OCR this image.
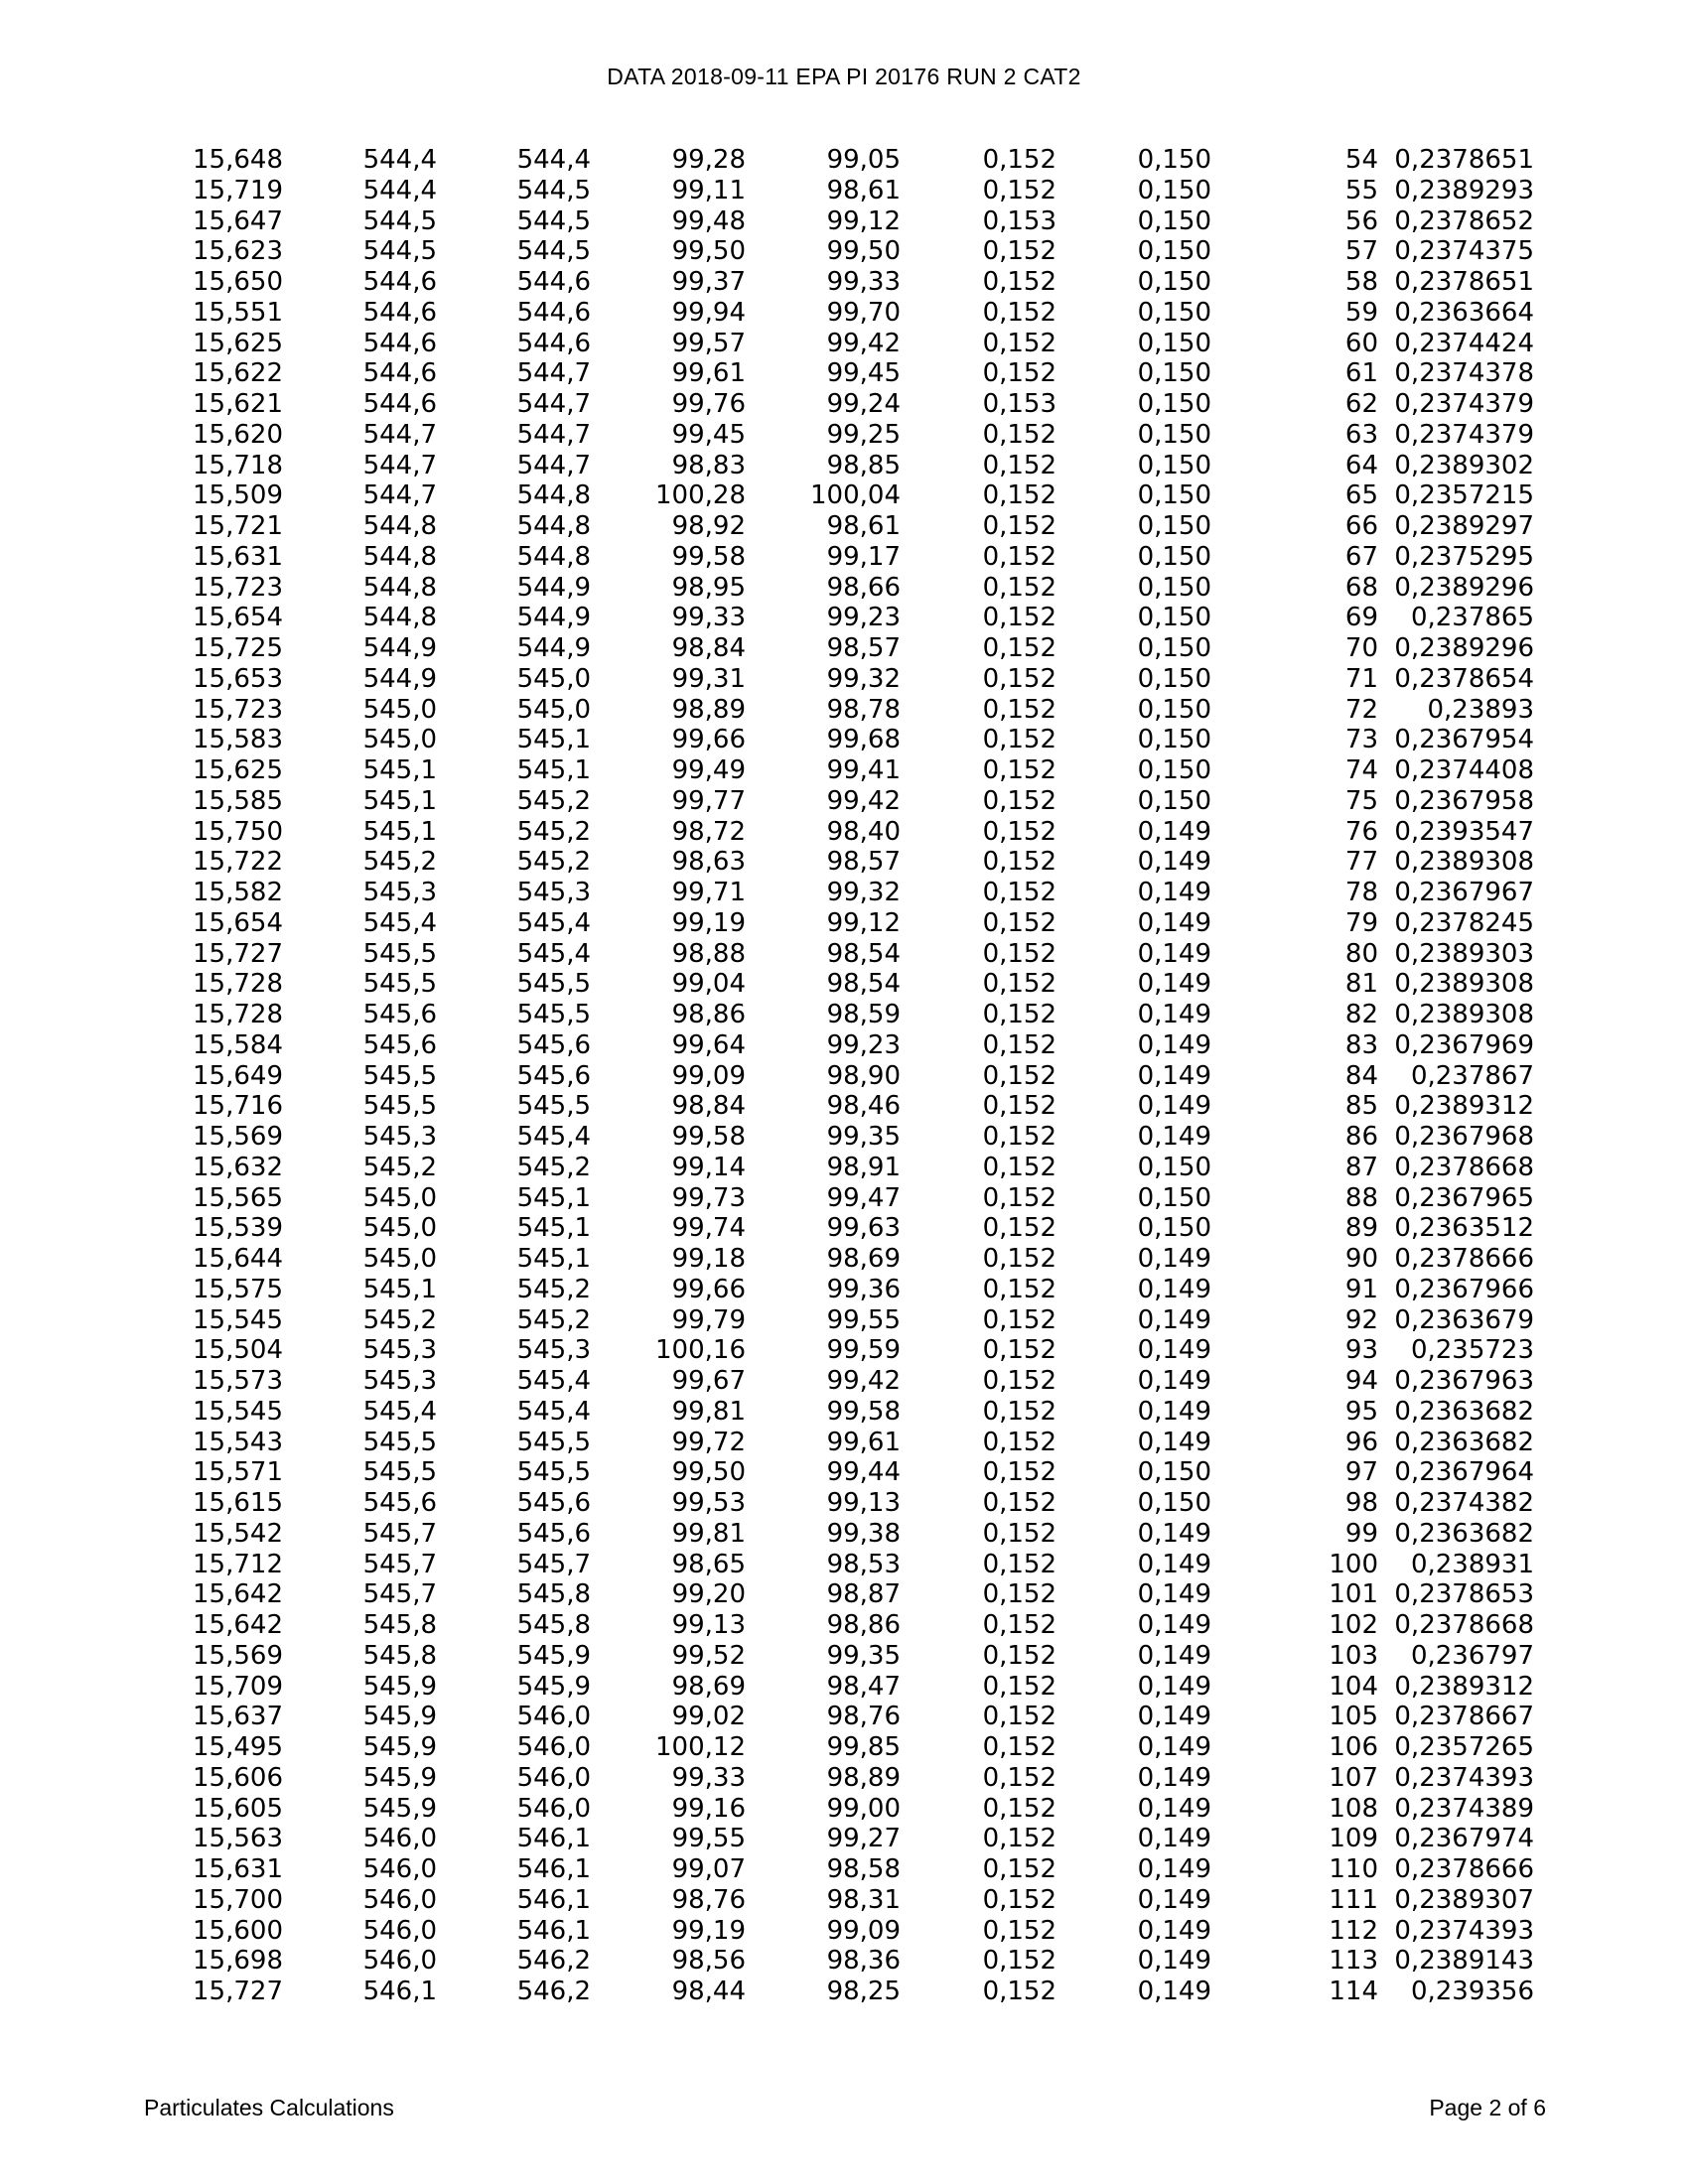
DATA 2018-09-11 EPA PI 20176 RUN 2 CAT2
15,648	544,4	544,4	99,28	99,05	0,152	0,150	54 0,2378651
15,719	544,4	544,5	99,11	98,61	0,152	0,150	55 0,2389293
15,647	544,5	544,5	99,48	99,12	0,153	0,150	56 0,2378652
15,623	544,5	544,5	99,50	99,50	0,152	0,150	57 0,2374375
15,650	544,6	544,6	99,37	99,33	0,152	0,150	58 0,2378651
15,551	544,6	544,6	99,94	99,70	0,152	0,150	59 0,2363664
15,625	544,6	544,6	99,57	99,42	0,152	0,150	60 0,2374424
15,622	544,6	544,7	99,61	99,45	0,152	0,150	61 0,2374378
15,621	544,6	544,7	99,76	99,24	0,153	0,150	62 0,2374379
15,620	544,7	544,7	99,45	99,25	0,152	0,150	63 0,2374379
15,718	544,7	544,7	98,83	98,85	0,152	0,150	64 0,2389302
15,509	544,7	544,8	100,28	100,04	0,152	0,150	65 0,2357215
15,721	544,8	544,8	98,92	98,61	0,152	0,150	66 0,2389297
15,631	544,8	544,8	99,58	99,17	0,152	0,150	67 0,2375295
15,723	544,8	544,9	98,95	98,66	0,152	0,150	68 0,2389296
15,654	544,8	544,9	99,33	99,23	0,152	0,150	69	0,237865
15,725	544,9	544,9	98,84	98,57	0,152	0,150	70 0,2389296
15,653	544,9	545,0	99,31	99,32	0,152	0,150	71 0,2378654
15,723	545,0	545,0	98,89	98,78	0,152	0,150	72	0,23893
15,583	545,0	545,1	99,66	99,68	0,152	0,150	73 0,2367954
15,625	545,1	545,1	99,49	99,41	0,152	0,150	74 0,2374408
15,585	545,1	545,2	99,77	99,42	0,152	0,150	75 0,2367958
15,750	545,1	545,2	98,72	98,40	0,152	0,149	76 0,2393547
15,722	545,2	545,2	98,63	98,57	0,152	0,149	77 0,2389308
15,582	545,3	545,3	99,71	99,32	0,152	0,149	78 0,2367967
15,654	545,4	545,4	99,19	99,12	0,152	0,149	79 0,2378245
15,727	545,5	545,4	98,88	98,54	0,152	0,149	80 0,2389303
15,728	545,5	545,5	99,04	98,54	0,152	0,149	81 0,2389308
15,728	545,6	545,5	98,86	98,59	0,152	0,149	82 0,2389308
15,584	545,6	545,6	99,64	99,23	0,152	0,149	83 0,2367969
15,649	545,5	545,6	99,09	98,90	0,152	0,149	84	0,237867
15,716	545,5	545,5	98,84	98,46	0,152	0,149	85 0,2389312
15,569	545,3	545,4	99,58	99,35	0,152	0,149	86 0,2367968
15,632	545,2	545,2	99,14	98,91	0,152	0,150	87 0,2378668
15,565	545,0	545,1	99,73	99,47	0,152	0,150	88 0,2367965
15,539	545,0	545,1	99,74	99,63	0,152	0,150	89 0,2363512
15,644	545,0	545,1	99,18	98,69	0,152	0,149	90 0,2378666
15,575	545,1	545,2	99,66	99,36	0,152	0,149	91 0,2367966
15,545	545,2	545,2	99,79	99,55	0,152	0,149	92 0,2363679
15,504	545,3	545,3	100,16	99,59	0,152	0,149	93	0,235723
15,573	545,3	545,4	99,67	99,42	0,152	0,149	94 0,2367963
15,545	545,4	545,4	99,81	99,58	0,152	0,149	95 0,2363682
15,543	545,5	545,5	99,72	99,61	0,152	0,149	96 0,2363682
15,571	545,5	545,5	99,50	99,44	0,152	0,150	97 0,2367964
15,615	545,6	545,6	99,53	99,13	0,152	0,150	98 0,2374382
15,542	545,7	545,6	99,81	99,38	0,152	0,149	99 0,2363682
15,712	545,7	545,7	98,65	98,53	0,152	0,149	100	0,238931
15,642	545,7	545,8	99,20	98,87	0,152	0,149	101 0,2378653
15,642	545,8	545,8	99,13	98,86	0,152	0,149	102 0,2378668
15,569	545,8	545,9	99,52	99,35	0,152	0,149	103	0,236797
15,709	545,9	545,9	98,69	98,47	0,152	0,149	104 0,2389312
15,637	545,9	546,0	99,02	98,76	0,152	0,149	105 0,2378667
15,495	545,9	546,0	100,12	99,85	0,152	0,149	106 0,2357265
15,606	545,9	546,0	99,33	98,89	0,152	0,149	107 0,2374393
15,605	545,9	546,0	99,16	99,00	0,152	0,149	108 0,2374389
15,563	546,0	546,1	99,55	99,27	0,152	0,149	109 0,2367974
15,631	546,0	546,1	99,07	98,58	0,152	0,149	110 0,2378666
15,700	546,0	546,1	98,76	98,31	0,152	0,149	111 0,2389307
15,600	546,0	546,1	99,19	99,09	0,152	0,149	112 0,2374393
15,698	546,0	546,2	98,56	98,36	0,152	0,149	113 0,2389143
15,727	546,1	546,2	98,44	98,25	0,152	0,149	114	0,239356
Particulates Calculations	Page 2 of 6
